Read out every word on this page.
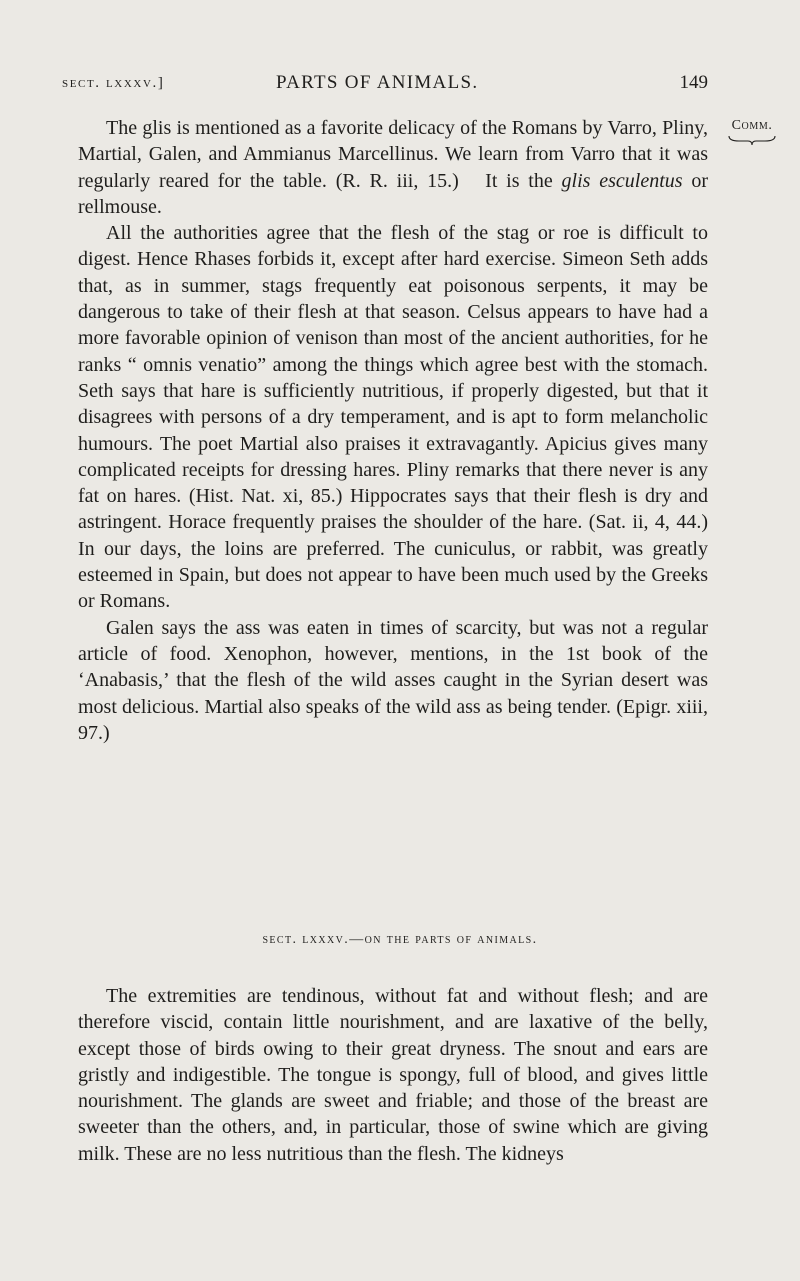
sect. lxxxv.]	PARTS OF ANIMALS.	149
Comm.

The glis is mentioned as a favorite delicacy of the Romans by Varro, Pliny, Martial, Galen, and Ammianus Marcellinus. We learn from Varro that it was regularly reared for the table. (R. R. iii, 15.)   It is the glis esculentus or rellmouse.

All the authorities agree that the flesh of the stag or roe is difficult to digest. Hence Rhases forbids it, except after hard exercise. Simeon Seth adds that, as in summer, stags frequently eat poisonous serpents, it may be dangerous to take of their flesh at that season. Celsus appears to have had a more favorable opinion of venison than most of the ancient authorities, for he ranks “ omnis venatio” among the things which agree best with the stomach. Seth says that hare is sufficiently nutritious, if properly digested, but that it disagrees with persons of a dry temperament, and is apt to form melancholic humours. The poet Martial also praises it extravagantly. Apicius gives many complicated receipts for dressing hares. Pliny remarks that there never is any fat on hares. (Hist. Nat. xi, 85.) Hippocrates says that their flesh is dry and astringent. Horace frequently praises the shoulder of the hare. (Sat. ii, 4, 44.) In our days, the loins are preferred. The cuniculus, or rabbit, was greatly esteemed in Spain, but does not appear to have been much used by the Greeks or Romans.

Galen says the ass was eaten in times of scarcity, but was not a regular article of food. Xenophon, however, mentions, in the 1st book of the ‘Anabasis,’ that the flesh of the wild asses caught in the Syrian desert was most delicious. Martial also speaks of the wild ass as being tender. (Epigr. xiii, 97.)

sect. lxxxv.—on the parts of animals.

The extremities are tendinous, without fat and without flesh; and are therefore viscid, contain little nourishment, and are laxative of the belly, except those of birds owing to their great dryness. The snout and ears are gristly and indigestible. The tongue is spongy, full of blood, and gives little nourishment. The glands are sweet and friable; and those of the breast are sweeter than the others, and, in particular, those of swine which are giving milk. These are no less nutritious than the flesh. The kidneys
